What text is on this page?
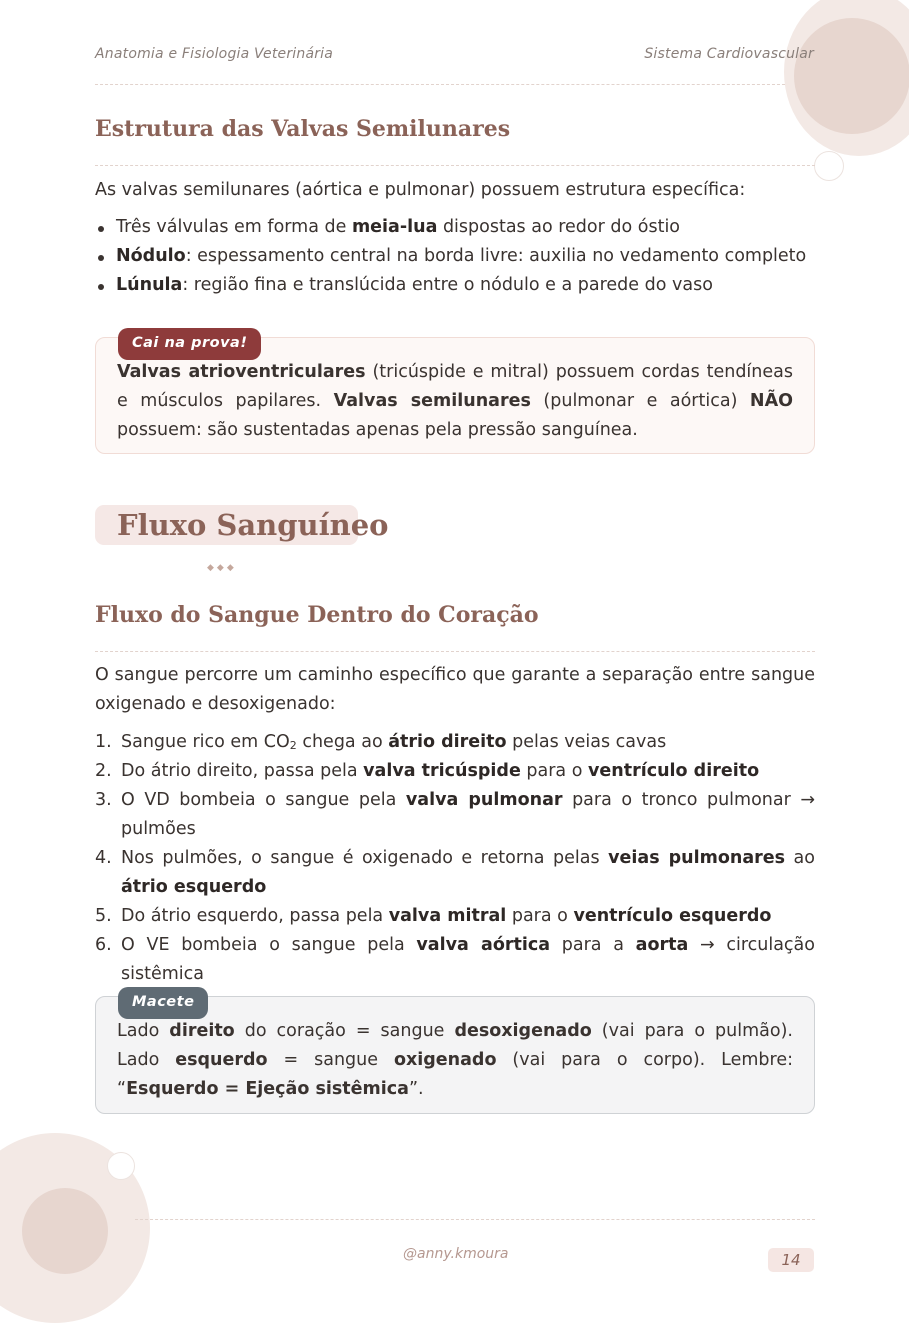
Anatomia e Fisiologia Veterinária	Sistema Cardiovascular
Estrutura das Valvas Semilunares
As valvas semilunares (aórtica e pulmonar) possuem estrutura específica:
Três válvulas em forma de meia-lua dispostas ao redor do óstio
Nódulo: espessamento central na borda livre: auxilia no vedamento completo
Lúnula: região fina e translúcida entre o nódulo e a parede do vaso
Cai na prova!
Valvas atrioventriculares (tricúspide e mitral) possuem cordas tendíneas e músculos papilares. Valvas semilunares (pulmonar e aórtica) NÃO possuem: são sustentadas apenas pela pressão sanguínea.
Fluxo Sanguíneo
◆◆◆
Fluxo do Sangue Dentro do Coração
O sangue percorre um caminho específico que garante a separação entre sangue oxigenado e desoxigenado:
1. Sangue rico em $CO_2$ chega ao átrio direito pelas veias cavas
2. Do átrio direito, passa pela valva tricúspide para o ventrículo direito
3. O VD bombeia o sangue pela valva pulmonar para o tronco pulmonar → pulmões
4. Nos pulmões, o sangue é oxigenado e retorna pelas veias pulmonares ao átrio esquerdo
5. Do átrio esquerdo, passa pela valva mitral para o ventrículo esquerdo
6. O VE bombeia o sangue pela valva aórtica para a aorta → circulação sistêmica
Macete
Lado direito do coração = sangue desoxigenado (vai para o pulmão). Lado esquerdo = sangue oxigenado (vai para o corpo). Lembre: “Esquerdo = Ejeção sistêmica”.
@anny.kmoura	14
